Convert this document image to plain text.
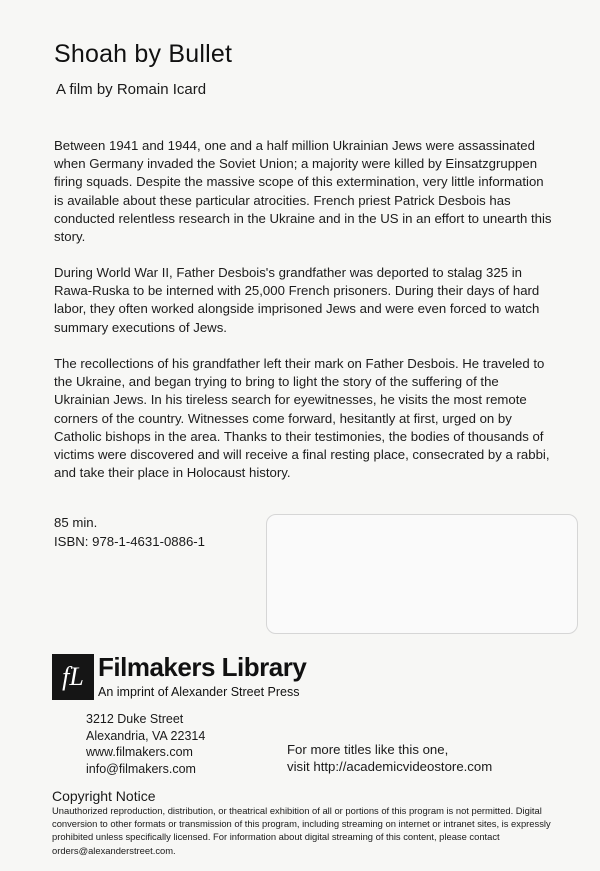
Shoah by Bullet
A film by Romain Icard

Between 1941 and 1944, one and a half million Ukrainian Jews were assassinated when Germany invaded the Soviet Union; a majority were killed by Einsatzgruppen firing squads. Despite the massive scope of this extermination, very little information is available about these particular atrocities. French priest Patrick Desbois has conducted relentless research in the Ukraine and in the US in an effort to unearth this story.

During World War II, Father Desbois's grandfather was deported to stalag 325 in Rawa-Ruska to be interned with 25,000 French prisoners. During their days of hard labor, they often worked alongside imprisoned Jews and were even forced to watch summary executions of Jews.

The recollections of his grandfather left their mark on Father Desbois. He traveled to the Ukraine, and began trying to bring to light the story of the suffering of the Ukrainian Jews. In his tireless search for eyewitnesses, he visits the most remote corners of the country. Witnesses come forward, hesitantly at first, urged on by Catholic bishops in the area. Thanks to their testimonies, the bodies of thousands of victims were discovered and will receive a final resting place, consecrated by a rabbi, and take their place in Holocaust history.

85 min.
ISBN: 978-1-4631-0886-1
fL Filmakers Library
An imprint of Alexander Street Press
3212 Duke Street
Alexandria, VA 22314
www.filmakers.com
info@filmakers.com
For more titles like this one,
visit http://academicvideostore.com
Copyright Notice

Unauthorized reproduction, distribution, or theatrical exhibition of all or portions of this program is not permitted. Digital conversion to other formats or transmission of this program, including streaming on internet or intranet sites, is expressly prohibited unless specifically licensed. For information about digital streaming of this content, please contact orders@alexanderstreet.com.
